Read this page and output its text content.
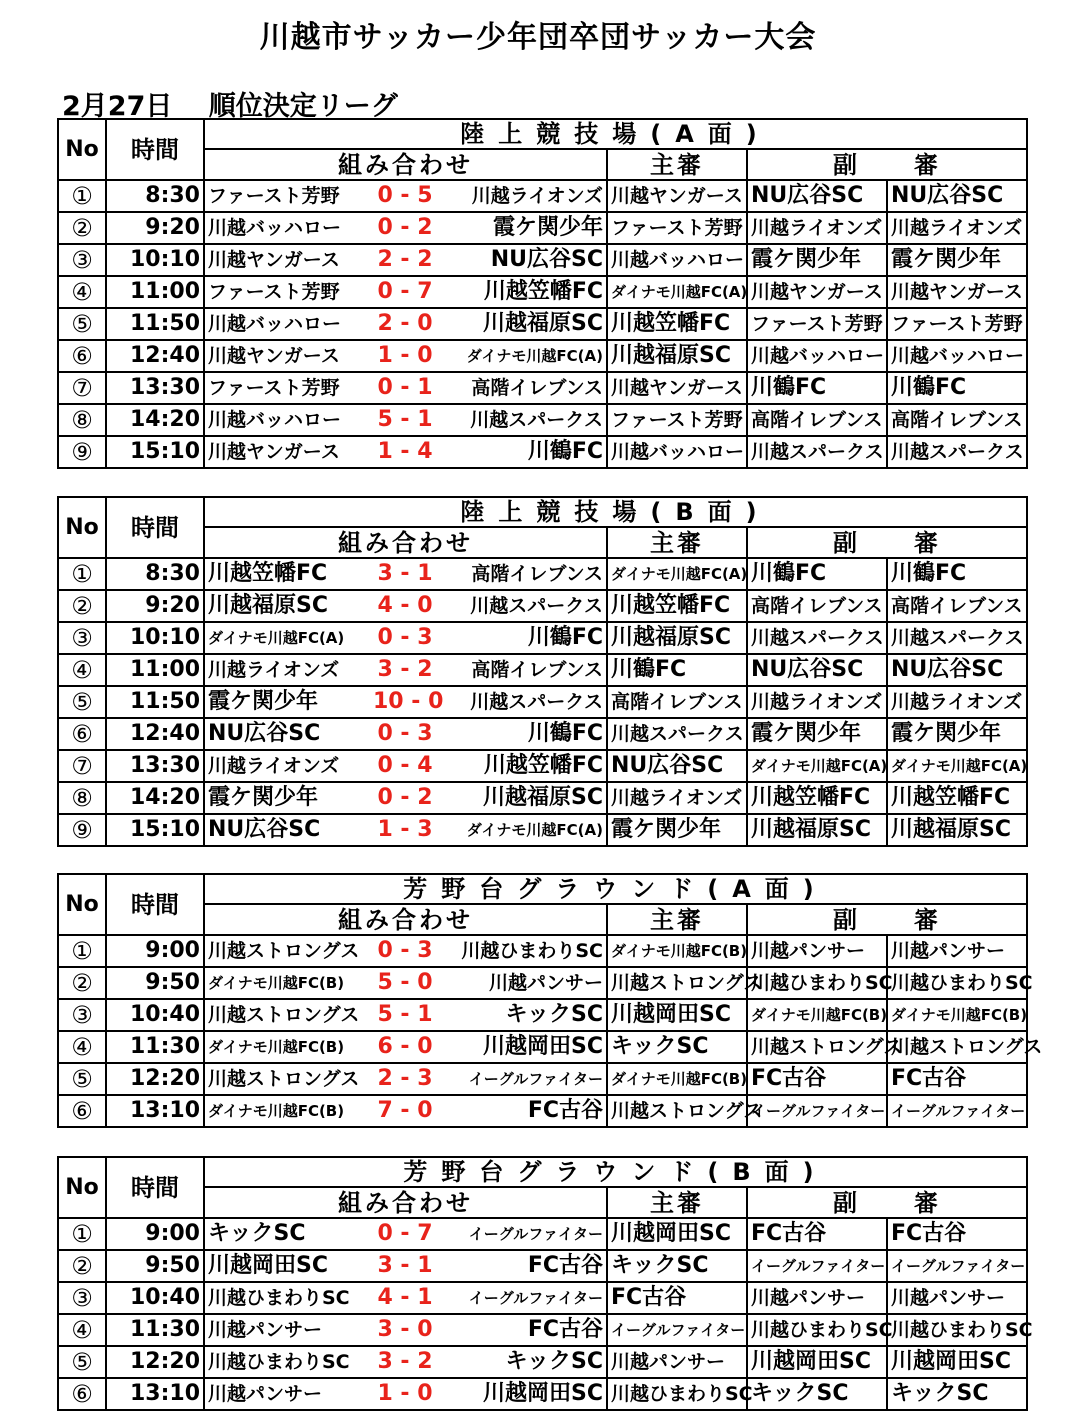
川越市サッカー少年団卒団サッカー大会
2月27日　 順位決定リーグ
No	時間	陸上競技場(A面)			
		組み合わせ	主審	副　　審	
①	8:30	ファースト芳野 0 - 5 川越ライオンズ	川越ヤンガース	NU広谷SC	NU広谷SC
②	9:20	川越バッハロー 0 - 2 霞ケ関少年	ファースト芳野	川越ライオンズ	川越ライオンズ
③	10:10	川越ヤンガース 2 - 2 NU広谷SC	川越バッハロー	霞ケ関少年	霞ケ関少年
④	11:00	ファースト芳野 0 - 7 川越笠幡FC	ダイナモ川越FC(A)	川越ヤンガース	川越ヤンガース
⑤	11:50	川越バッハロー 2 - 0 川越福原SC	川越笠幡FC	ファースト芳野	ファースト芳野
⑥	12:40	川越ヤンガース 1 - 0 ダイナモ川越FC(A)	川越福原SC	川越バッハロー	川越バッハロー
⑦	13:30	ファースト芳野 0 - 1 高階イレブンス	川越ヤンガース	川鶴FC	川鶴FC
⑧	14:20	川越バッハロー 5 - 1 川越スパークス	ファースト芳野	高階イレブンス	高階イレブンス
⑨	15:10	川越ヤンガース 1 - 4 川鶴FC	川越バッハロー	川越スパークス	川越スパークス
No	時間	陸上競技場(B面)			
		組み合わせ	主審	副　　審	
①	8:30	川越笠幡FC 3 - 1 高階イレブンス	ダイナモ川越FC(A)	川鶴FC	川鶴FC
②	9:20	川越福原SC 4 - 0 川越スパークス	川越笠幡FC	高階イレブンス	高階イレブンス
③	10:10	ダイナモ川越FC(A) 0 - 3 川鶴FC	川越福原SC	川越スパークス	川越スパークス
④	11:00	川越ライオンズ 3 - 2 高階イレブンス	川鶴FC	NU広谷SC	NU広谷SC
⑤	11:50	霞ケ関少年 10 - 0 川越スパークス	高階イレブンス	川越ライオンズ	川越ライオンズ
⑥	12:40	NU広谷SC 0 - 3 川鶴FC	川越スパークス	霞ケ関少年	霞ケ関少年
⑦	13:30	川越ライオンズ 0 - 4 川越笠幡FC	NU広谷SC	ダイナモ川越FC(A)	ダイナモ川越FC(A)
⑧	14:20	霞ケ関少年 0 - 2 川越福原SC	川越ライオンズ	川越笠幡FC	川越笠幡FC
⑨	15:10	NU広谷SC 1 - 3 ダイナモ川越FC(A)	霞ケ関少年	川越福原SC	川越福原SC
No	時間	芳野台グラウンド(A面)			
		組み合わせ	主審	副　　審	
①	9:00	川越ストロングス 0 - 3 川越ひまわりSC	ダイナモ川越FC(B)	川越パンサー	川越パンサー
②	9:50	ダイナモ川越FC(B) 5 - 0 川越パンサー	川越ストロングス	川越ひまわりSC	川越ひまわりSC
③	10:40	川越ストロングス 5 - 1 キックSC	川越岡田SC	ダイナモ川越FC(B)	ダイナモ川越FC(B)
④	11:30	ダイナモ川越FC(B) 6 - 0 川越岡田SC	キックSC	川越ストロングス	川越ストロングス
⑤	12:20	川越ストロングス 2 - 3 イーグルファイター	ダイナモ川越FC(B)	FC古谷	FC古谷
⑥	13:10	ダイナモ川越FC(B) 7 - 0 FC古谷	川越ストロングス	イーグルファイター	イーグルファイター
No	時間	芳野台グラウンド(B面)			
		組み合わせ	主審	副　　審	
①	9:00	キックSC 0 - 7 イーグルファイター	川越岡田SC	FC古谷	FC古谷
②	9:50	川越岡田SC 3 - 1 FC古谷	キックSC	イーグルファイター	イーグルファイター
③	10:40	川越ひまわりSC 4 - 1 イーグルファイター	FC古谷	川越パンサー	川越パンサー
④	11:30	川越パンサー 3 - 0 FC古谷	イーグルファイター	川越ひまわりSC	川越ひまわりSC
⑤	12:20	川越ひまわりSC 3 - 2 キックSC	川越パンサー	川越岡田SC	川越岡田SC
⑥	13:10	川越パンサー 1 - 0 川越岡田SC	川越ひまわりSC	キックSC	キックSC
